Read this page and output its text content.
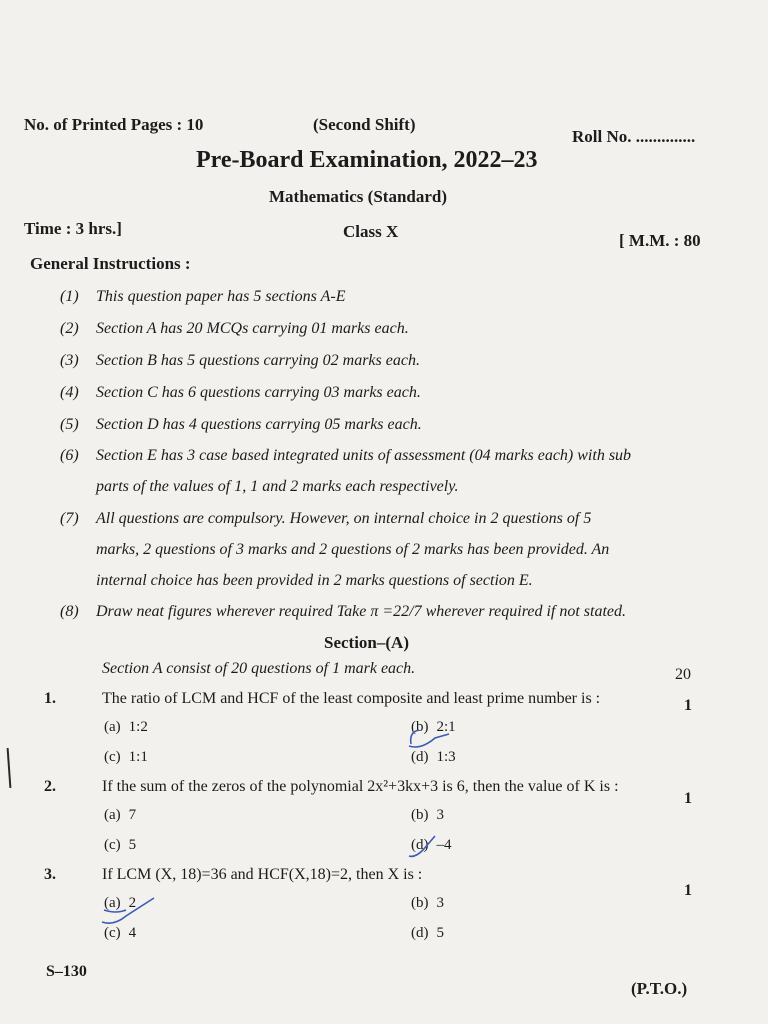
No. of Printed Pages : 10	(Second Shift)
Roll No. ..............
Pre-Board Examination, 2022–23
Mathematics (Standard)
Time : 3 hrs.]	Class X	[ M.M. : 80
General Instructions :
(1) This question paper has 5 sections A-E
(2) Section A has 20 MCQs carrying 01 marks each.
(3) Section B has 5 questions carrying 02 marks each.
(4) Section C has 6 questions carrying 03 marks each.
(5) Section D has 4 questions carrying 05 marks each.
(6) Section E has 3 case based integrated units of assessment (04 marks each) with sub
parts of the values of 1, 1 and 2 marks each respectively.
(7) All questions are compulsory. However, on internal choice in 2 questions of 5
marks, 2 questions of 3 marks and 2 questions of 2 marks has been provided. An
internal choice has been provided in 2 marks questions of section E.
(8) Draw neat figures wherever required Take π =22/7 wherever required if not stated.
Section–(A)
Section A consist of 20 questions of 1 mark each.	20
1.	The ratio of LCM and HCF of the least composite and least prime number is :	1
(a) 1:2	(b) 2:1
(c) 1:1	(d) 1:3
2.	If the sum of the zeros of the polynomial 2x²+3kx+3 is 6, then the value of K is :
1
(a) 7	(b) 3
(c) 5	(d) –4
3.	If LCM (X, 18)=36 and HCF(X,18)=2, then X is :
1
(a) 2	(b) 3
(c) 4	(d) 5
S–130
(P.T.O.)
